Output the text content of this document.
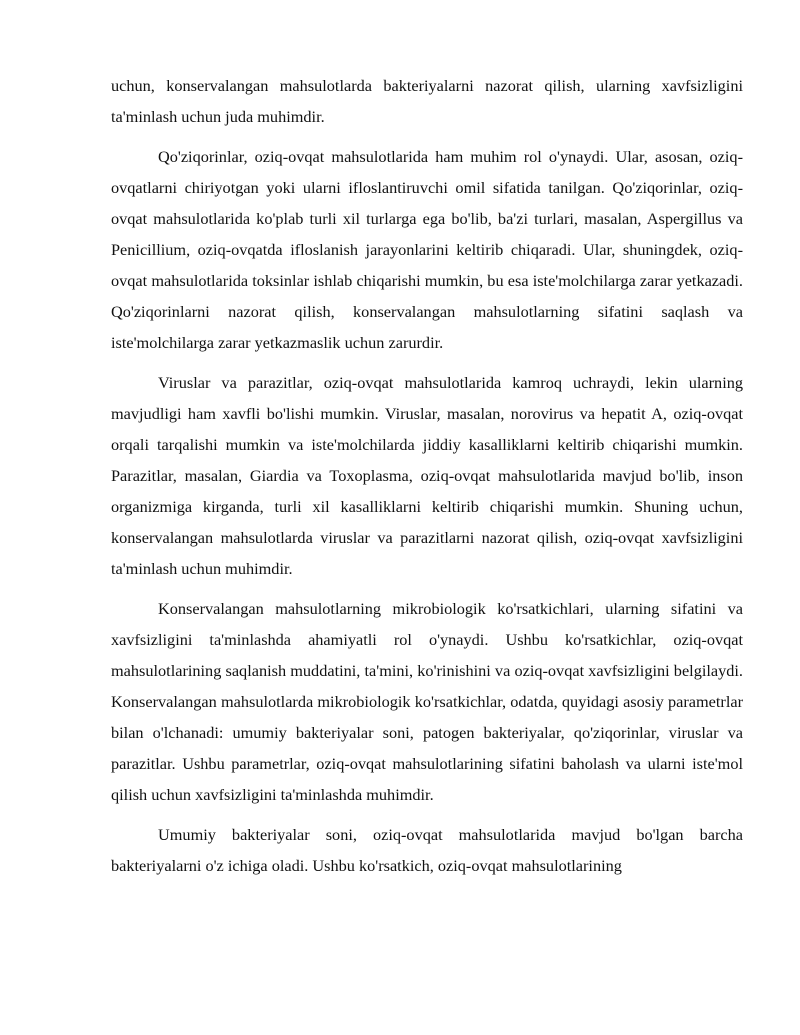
uchun, konservalangan mahsulotlarda bakteriyalarni nazorat qilish, ularning xavfsizligini ta'minlash uchun juda muhimdir.

Qo'ziqorinlar, oziq-ovqat mahsulotlarida ham muhim rol o'ynaydi. Ular, asosan, oziq-ovqatlarni chiriyotgan yoki ularni ifloslantiruvchi omil sifatida tanilgan. Qo'ziqorinlar, oziq-ovqat mahsulotlarida ko'plab turli xil turlarga ega bo'lib, ba'zi turlari, masalan, Aspergillus va Penicillium, oziq-ovqatda ifloslanish jarayonlarini keltirib chiqaradi. Ular, shuningdek, oziq-ovqat mahsulotlarida toksinlar ishlab chiqarishi mumkin, bu esa iste'molchilarga zarar yetkazadi. Qo'ziqorinlarni nazorat qilish, konservalangan mahsulotlarning sifatini saqlash va iste'molchilarga zarar yetkazmaslik uchun zarurdir.

Viruslar va parazitlar, oziq-ovqat mahsulotlarida kamroq uchraydi, lekin ularning mavjudligi ham xavfli bo'lishi mumkin. Viruslar, masalan, norovirus va hepatit A, oziq-ovqat orqali tarqalishi mumkin va iste'molchilarda jiddiy kasalliklarni keltirib chiqarishi mumkin. Parazitlar, masalan, Giardia va Toxoplasma, oziq-ovqat mahsulotlarida mavjud bo'lib, inson organizmiga kirganda, turli xil kasalliklarni keltirib chiqarishi mumkin. Shuning uchun, konservalangan mahsulotlarda viruslar va parazitlarni nazorat qilish, oziq-ovqat xavfsizligini ta'minlash uchun muhimdir.

Konservalangan mahsulotlarning mikrobiologik ko'rsatkichlari, ularning sifatini va xavfsizligini ta'minlashda ahamiyatli rol o'ynaydi. Ushbu ko'rsatkichlar, oziq-ovqat mahsulotlarining saqlanish muddatini, ta'mini, ko'rinishini va oziq-ovqat xavfsizligini belgilaydi. Konservalangan mahsulotlarda mikrobiologik ko'rsatkichlar, odatda, quyidagi asosiy parametrlar bilan o'lchanadi: umumiy bakteriyalar soni, patogen bakteriyalar, qo'ziqorinlar, viruslar va parazitlar. Ushbu parametrlar, oziq-ovqat mahsulotlarining sifatini baholash va ularni iste'mol qilish uchun xavfsizligini ta'minlashda muhimdir.

Umumiy bakteriyalar soni, oziq-ovqat mahsulotlarida mavjud bo'lgan barcha bakteriyalarni o'z ichiga oladi. Ushbu ko'rsatkich, oziq-ovqat mahsulotlarining
